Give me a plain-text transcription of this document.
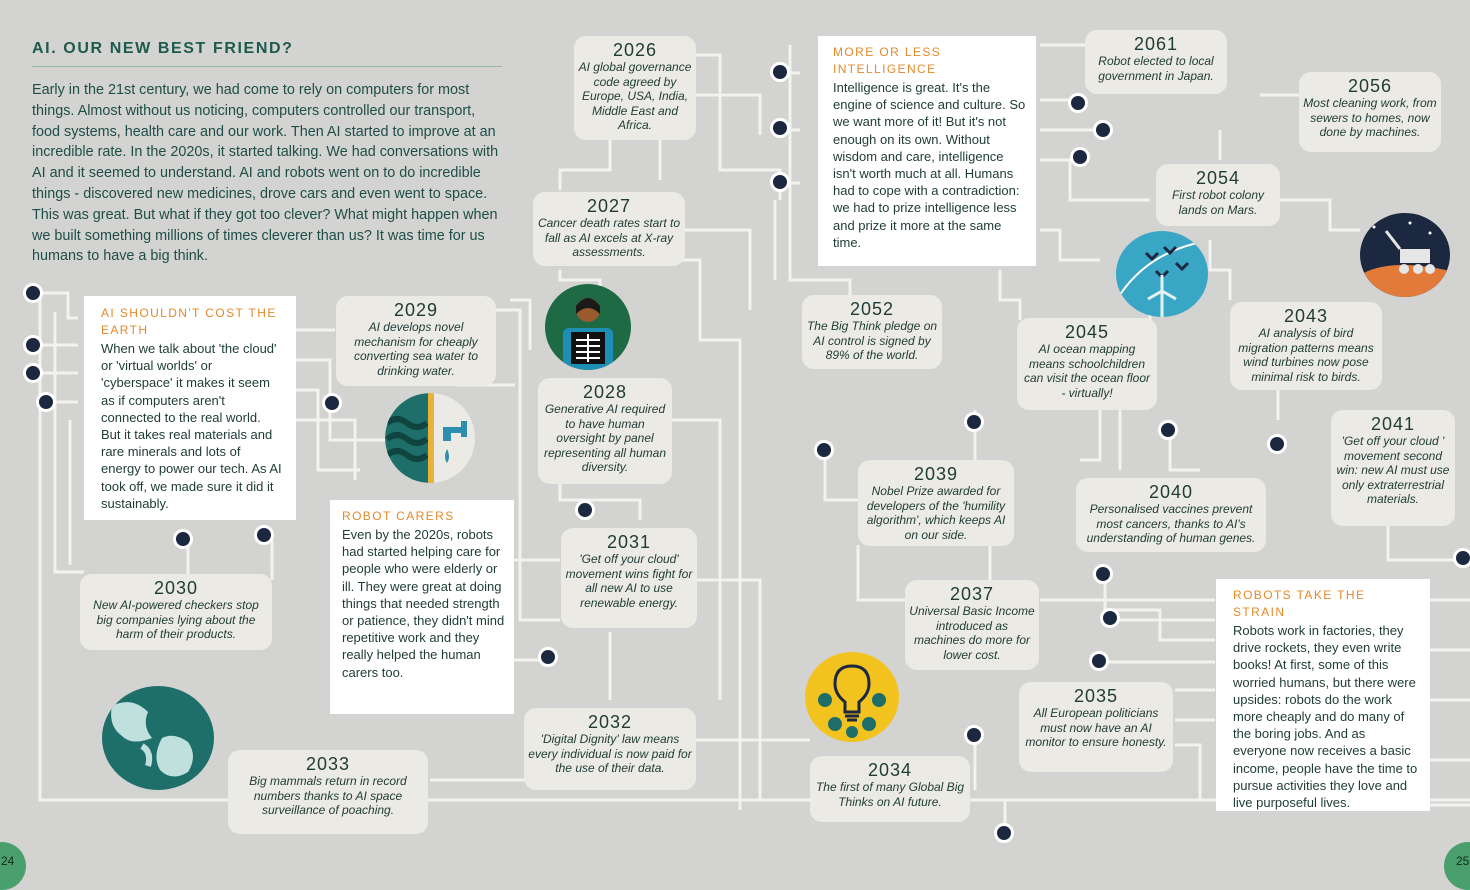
AI. OUR NEW BEST FRIEND?
Early in the 21st century, we had come to rely on computers for most things. Almost without us noticing, computers controlled our transport, food systems, health care and our work. Then AI started to improve at an incredible rate. In the 2020s, it started talking. We had conversations with AI and it seemed to understand. AI and robots went on to do incredible things - discovered new medicines, drove cars and even went to space. This was great. But what if they got too clever? What might happen when we built something millions of times cleverer than us? It was time for us humans to have a big think.
AI SHOULDN'T COST THE EARTH
When we talk about 'the cloud' or 'virtual worlds' or 'cyberspace' it makes it seem as if computers aren't connected to the real world. But it takes real materials and rare minerals and lots of energy to power our tech. As AI took off, we made sure it did it sustainably.
ROBOT CARERS
Even by the 2020s, robots had started helping care for people who were elderly or ill. They were great at doing things that needed strength or patience, they didn't mind repetitive work and they really helped the human carers too.
MORE OR LESS INTELLIGENCE
Intelligence is great. It's the engine of science and culture. So we want more of it! But it's not enough on its own. Without wisdom and care, intelligence isn't worth much at all. Humans had to cope with a contradiction: we had to prize intelligence less and prize it more at the same time.
ROBOTS TAKE THE STRAIN
Robots work in factories, they drive rockets, they even write books! At first, some of this worried humans, but there were upsides: robots do the work more cheaply and do many of the boring jobs. And as everyone now receives a basic income, people have the time to pursue activities they love and live purposeful lives.
2026
AI global governance code agreed by Europe, USA, India, Middle East and Africa.
2027
Cancer death rates start to fall as AI excels at X-ray assessments.
2029
AI develops novel mechanism for cheaply converting sea water to drinking water.
2028
Generative AI required to have human oversight by panel representing all human diversity.
2030
New AI-powered checkers stop big companies lying about the harm of their products.
2031
'Get off your cloud' movement wins fight for all new AI to use renewable energy.
2032
'Digital Dignity' law means every individual is now paid for the use of their data.
2033
Big mammals return in record numbers thanks to AI space surveillance of poaching.
2061
Robot elected to local government in Japan.
2056
Most cleaning work, from sewers to homes, now done by machines.
2054
First robot colony lands on Mars.
2052
The Big Think pledge on AI control is signed by 89% of the world.
2045
AI ocean mapping means schoolchildren can visit the ocean floor - virtually!
2043
AI analysis of bird migration patterns means wind turbines now pose minimal risk to birds.
2041
'Get off your cloud ' movement second win: new AI must use only extraterrestrial materials.
2039
Nobel Prize awarded for developers of the 'humility algorithm', which keeps AI on our side.
2040
Personalised vaccines prevent most cancers, thanks to AI's understanding of human genes.
2037
Universal Basic Income introduced as machines do more for lower cost.
2035
All European politicians must now have an AI monitor to ensure honesty.
2034
The first of many Global Big Thinks on AI future.
24	25
